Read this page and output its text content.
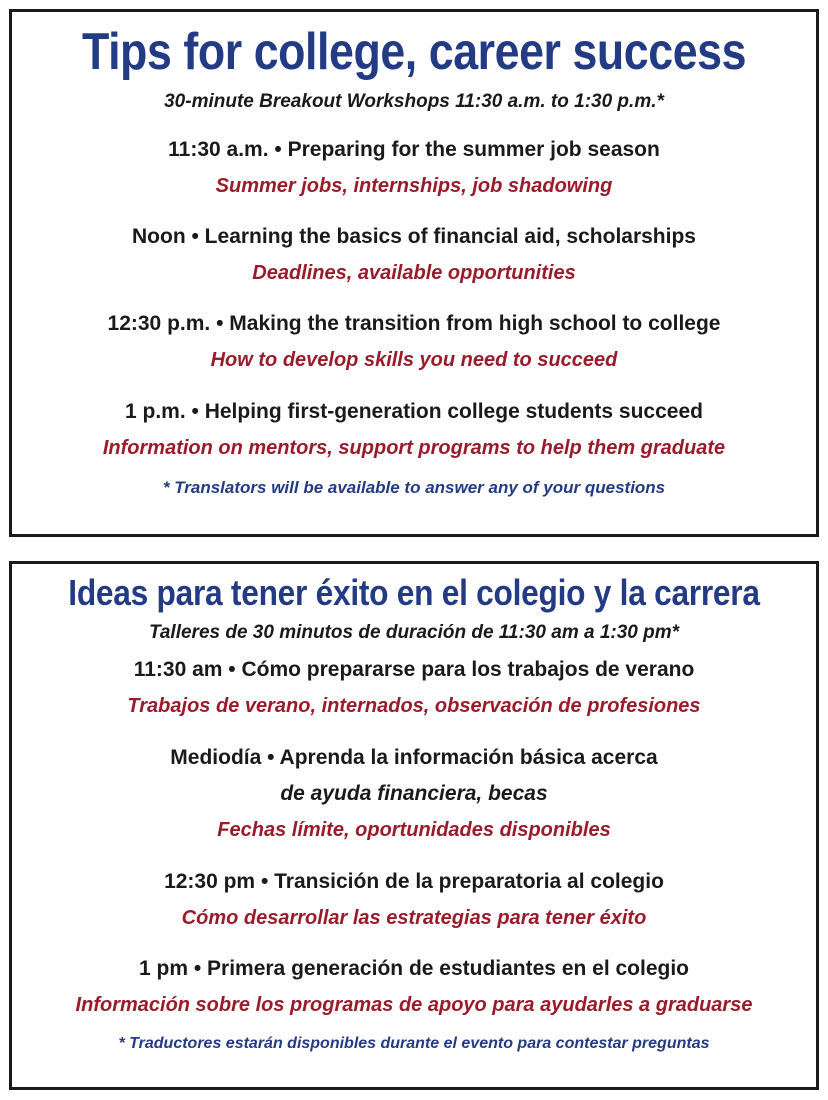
Tips for college, career success

30-minute Breakout Workshops 11:30 a.m. to 1:30 p.m.*

11:30 a.m. • Preparing for the summer job season

Summer jobs, internships, job shadowing

Noon • Learning the basics of financial aid, scholarships

Deadlines, available opportunities

12:30 p.m. • Making the transition from high school to college

How to develop skills you need to succeed

1 p.m. • Helping first-generation college students succeed

Information on mentors, support programs to help them graduate

* Translators will be available to answer any of your questions

Ideas para tener éxito en el colegio y la carrera

Talleres de 30 minutos de duración de 11:30 am a 1:30 pm*

11:30 am • Cómo prepararse para los trabajos de verano

Trabajos de verano, internados, observación de profesiones

Mediodía • Aprenda la información básica acerca

de ayuda financiera, becas

Fechas límite, oportunidades disponibles

12:30 pm • Transición de la preparatoria al colegio

Cómo desarrollar las estrategias para tener éxito

1 pm • Primera generación de estudiantes en el colegio

Información sobre los programas de apoyo para ayudarles a graduarse

* Traductores estarán disponibles durante el evento para contestar preguntas
